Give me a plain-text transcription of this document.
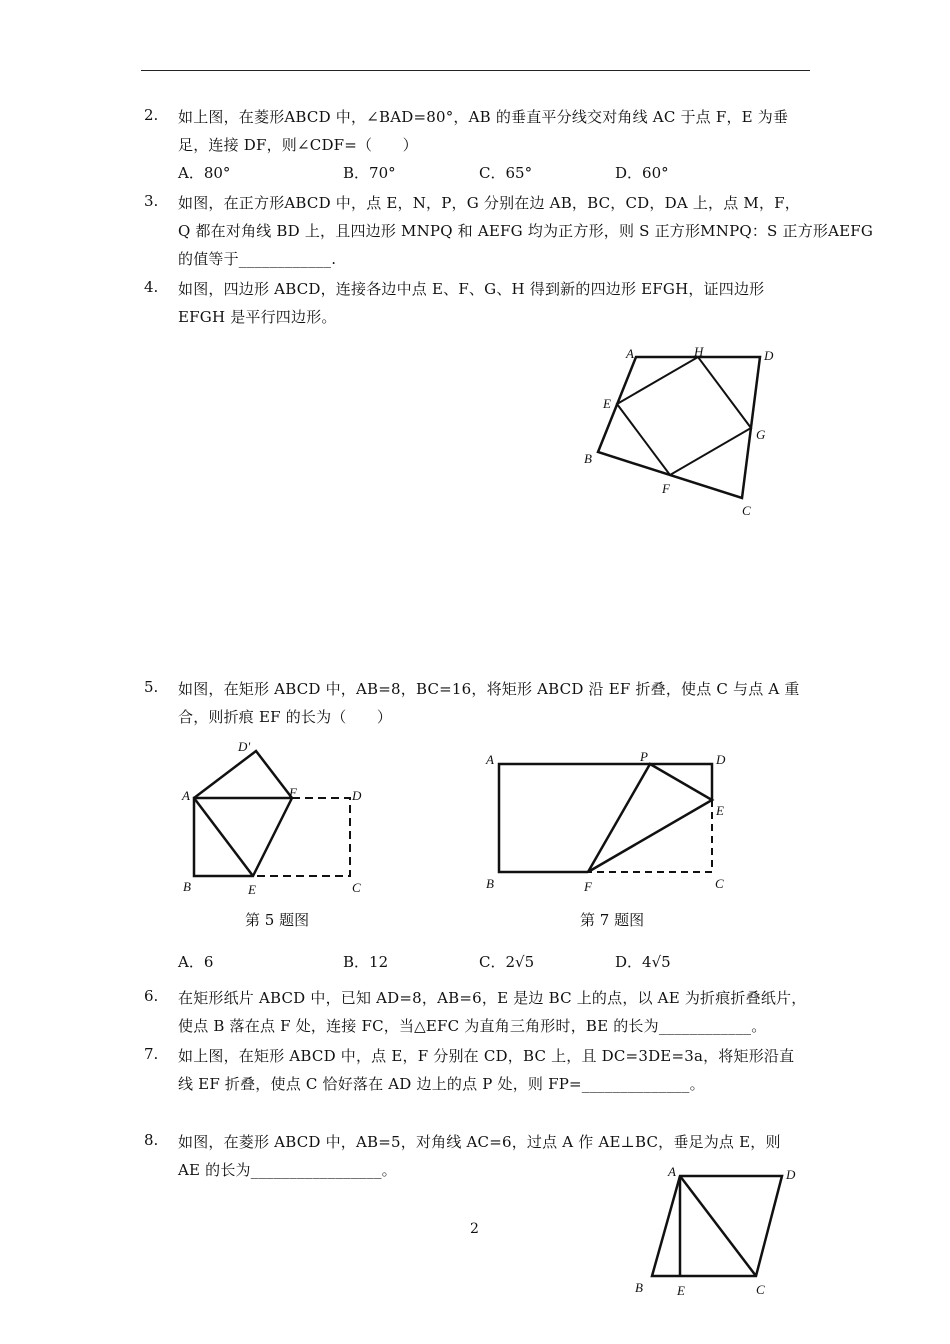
2. 如上图，在菱形ABCD 中，∠BAD=80°，AB 的垂直平分线交对角线 AC 于点 F，E 为垂
足，连接 DF，则∠CDF=（　　）
A．80°	B．70°	C．65°	D．60°
3. 如图，在正方形ABCD 中，点 E，N，P，G 分别在边 AB，BC，CD，DA 上，点 M，F，
Q 都在对角线 BD 上，且四边形 MNPQ 和 AEFG 均为正方形，则 S 正方形MNPQ：S 正方形AEFG
的值等于____________.
4. 如图，四边形 ABCD，连接各边中点 E、F、G、H 得到新的四边形 EFGH，证四边形
EFGH 是平行四边形。
A	H	D
E
G
B
F
C
5. 如图，在矩形 ABCD 中，AB=8，BC=16，将矩形 ABCD 沿 EF 折叠，使点 C 与点 A 重
合，则折痕 EF 的长为（　　）
D'
A	F	D
B	E	C
第 5 题图
A	P	D
E
B	F	C
第 7 题图
A．6	B．12	C．2√5	D．4√5
6. 在矩形纸片 ABCD 中，已知 AD=8，AB=6，E 是边 BC 上的点，以 AE 为折痕折叠纸片，
使点 B 落在点 F 处，连接 FC，当△EFC 为直角三角形时，BE 的长为____________。
7. 如上图，在矩形 ABCD 中，点 E，F 分别在 CD，BC 上，且 DC=3DE=3a，将矩形沿直
线 EF 折叠，使点 C 恰好落在 AD 边上的点 P 处，则 FP=______________。
8. 如图，在菱形 ABCD 中，AB=5，对角线 AC=6，过点 A 作 AE⊥BC，垂足为点 E，则
AE 的长为_________________。	A	D
B	E	C
2
